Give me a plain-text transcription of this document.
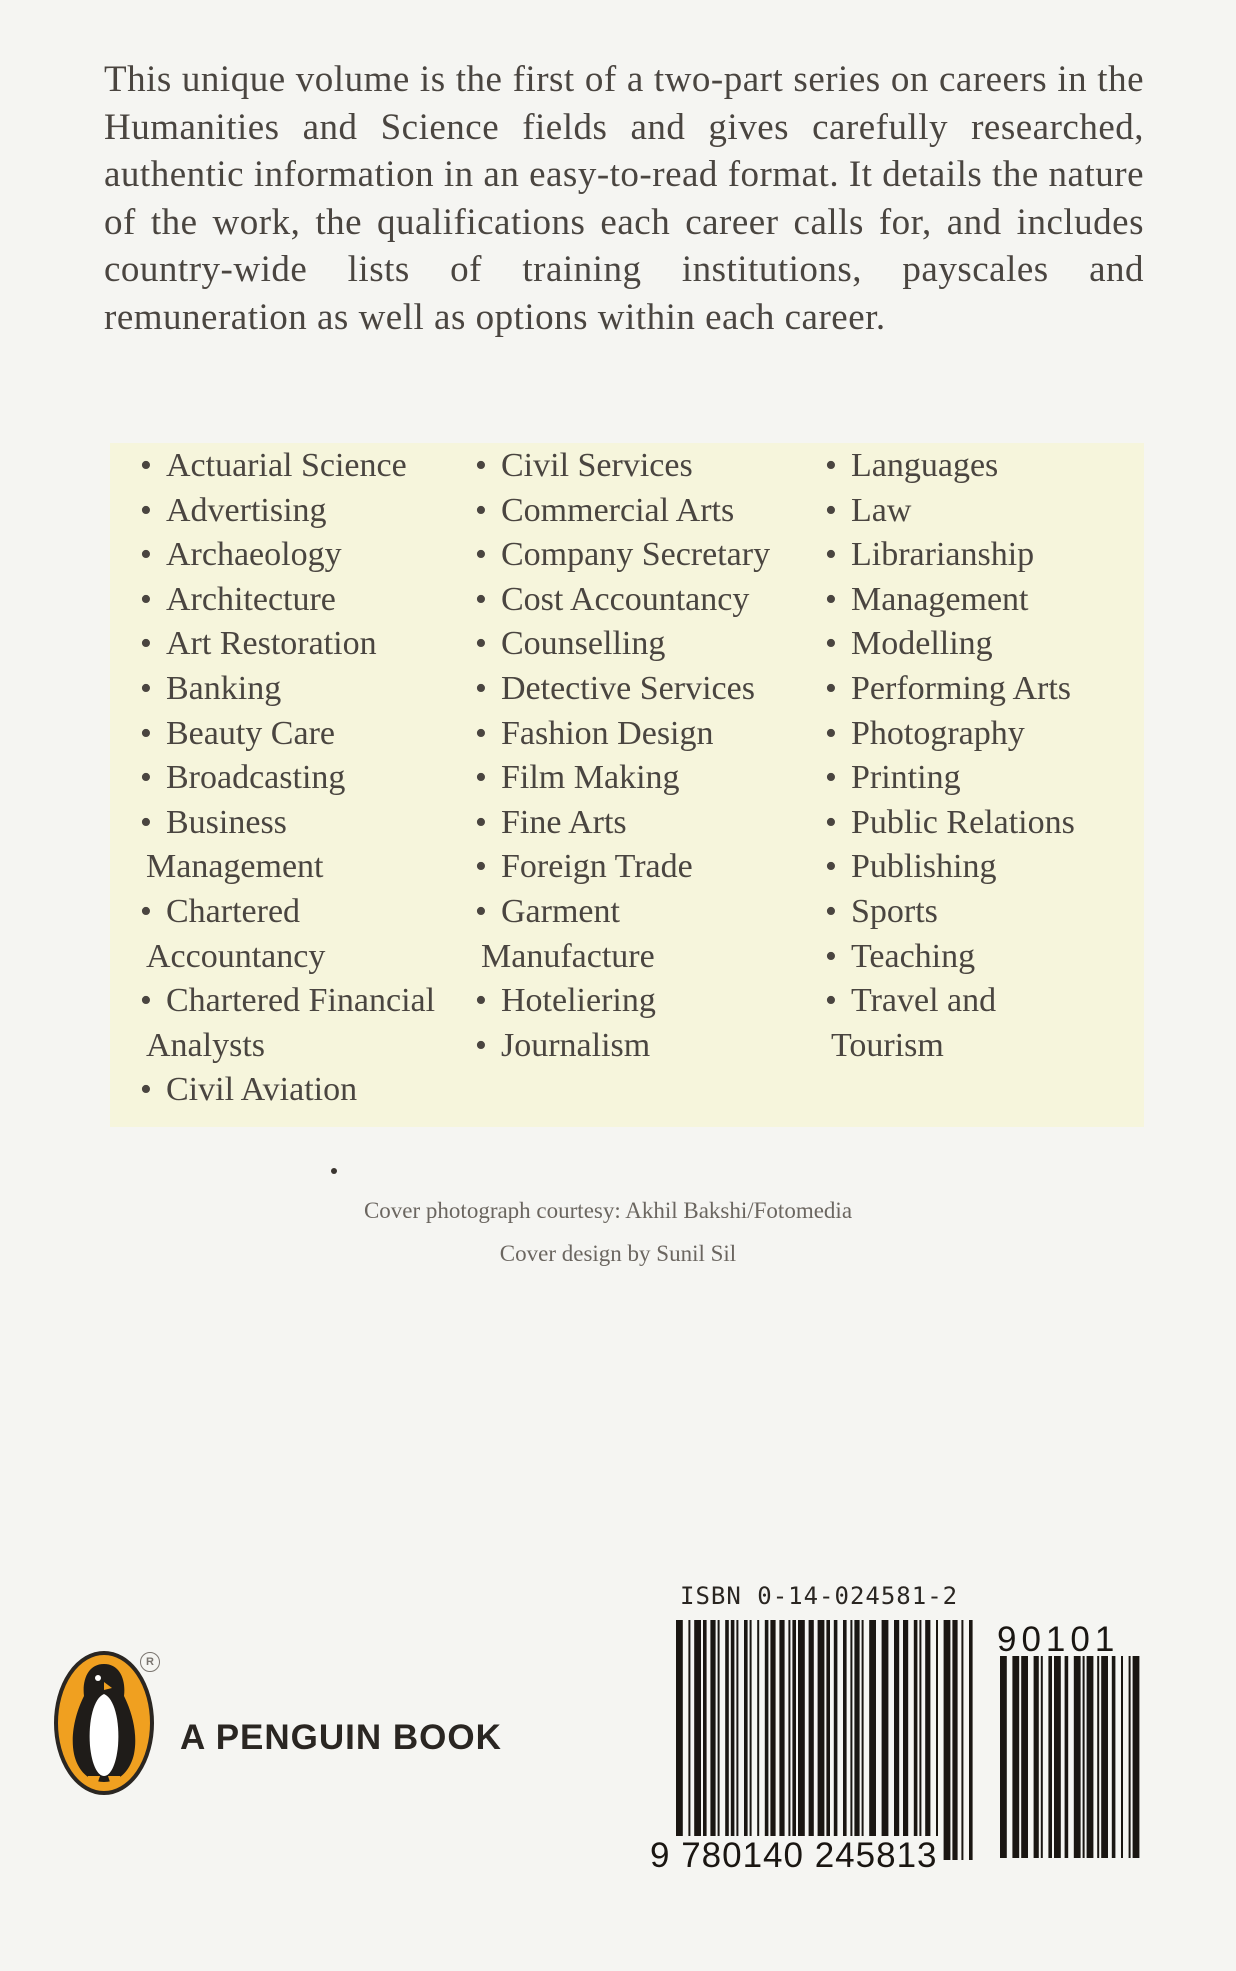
This unique volume is the first of a two-part series on careers in the Humanities and Science fields and gives carefully researched, authentic information in an easy-to-read format. It details the nature of the work, the qualifications each career calls for, and includes country-wide lists of training institutions, payscales and remuneration as well as options within each career.

• Actuarial Science
• Advertising
• Archaeology
• Architecture
• Art Restoration
• Banking
• Beauty Care
• Broadcasting
• Business
Management
• Chartered
Accountancy
• Chartered Financial
Analysts
• Civil Aviation
• Civil Services
• Commercial Arts
• Company Secretary
• Cost Accountancy
• Counselling
• Detective Services
• Fashion Design
• Film Making
• Fine Arts
• Foreign Trade
• Garment
Manufacture
• Hoteliering
• Journalism
• Languages
• Law
• Librarianship
• Management
• Modelling
• Performing Arts
• Photography
• Printing
• Public Relations
• Publishing
• Sports
• Teaching
• Travel and
Tourism
Cover photograph courtesy: Akhil Bakshi/Fotomedia
Cover design by Sunil Sil
R
A PENGUIN BOOK
ISBN 0-14-024581-2
9 780140 245813
90101
